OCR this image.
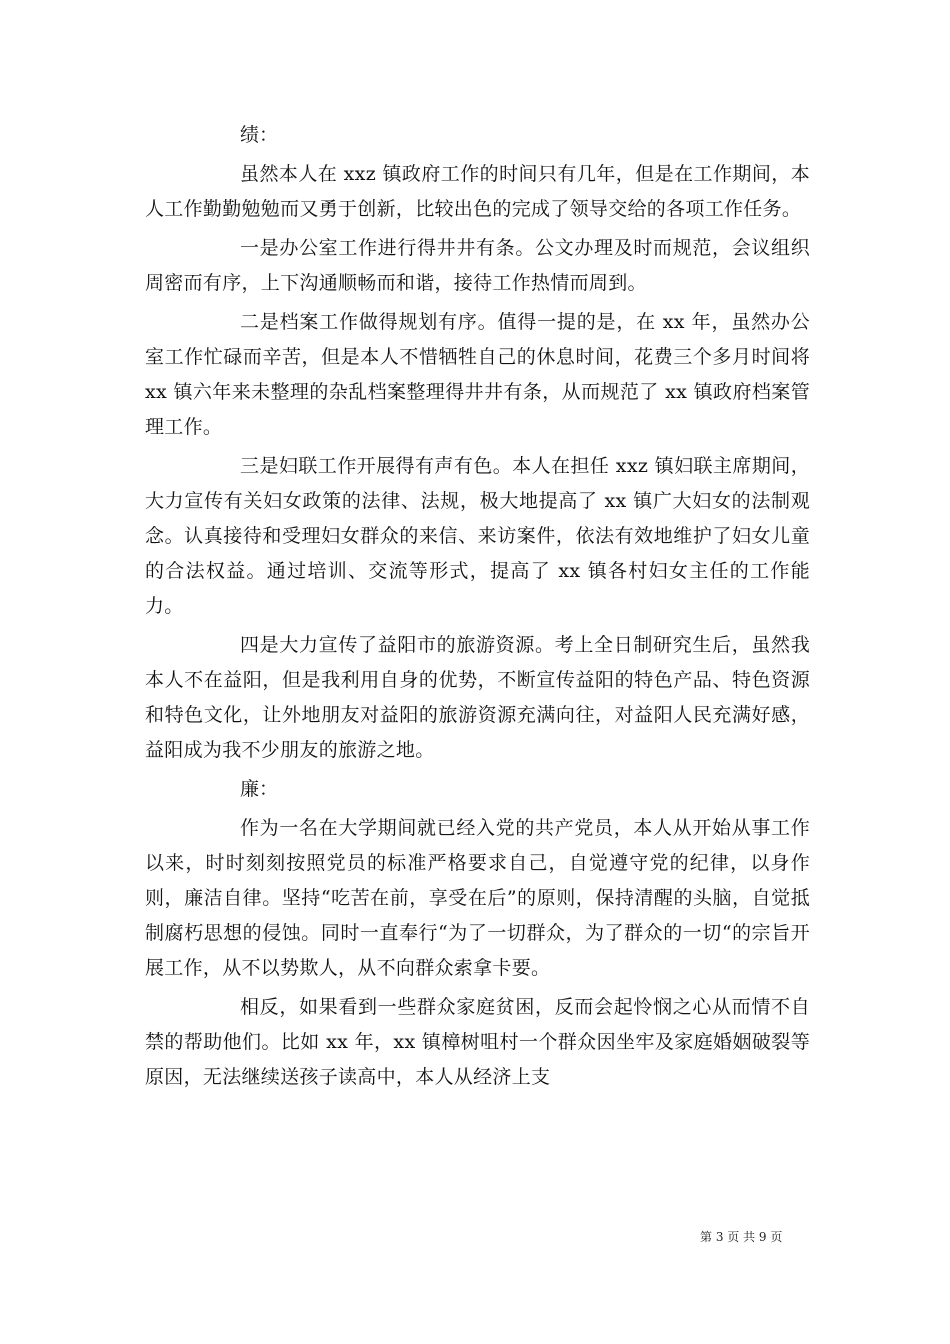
绩：

虽然本人在 xxz 镇政府工作的时间只有几年，但是在工作期间，本人工作勤勤勉勉而又勇于创新，比较出色的完成了领导交给的各项工作任务。

一是办公室工作进行得井井有条。公文办理及时而规范，会议组织周密而有序，上下沟通顺畅而和谐，接待工作热情而周到。

二是档案工作做得规划有序。值得一提的是，在 xx 年，虽然办公室工作忙碌而辛苦，但是本人不惜牺牲自己的休息时间，花费三个多月时间将 xx 镇六年来未整理的杂乱档案整理得井井有条，从而规范了 xx 镇政府档案管理工作。

三是妇联工作开展得有声有色。本人在担任 xxz 镇妇联主席期间，大力宣传有关妇女政策的法律、法规，极大地提高了 xx 镇广大妇女的法制观念。认真接待和受理妇女群众的来信、来访案件，依法有效地维护了妇女儿童的合法权益。通过培训、交流等形式，提高了 xx 镇各村妇女主任的工作能力。

四是大力宣传了益阳市的旅游资源。考上全日制研究生后，虽然我本人不在益阳，但是我利用自身的优势，不断宣传益阳的特色产品、特色资源和特色文化，让外地朋友对益阳的旅游资源充满向往，对益阳人民充满好感，益阳成为我不少朋友的旅游之地。

廉：

作为一名在大学期间就已经入党的共产党员，本人从开始从事工作以来，时时刻刻按照党员的标准严格要求自己，自觉遵守党的纪律，以身作则，廉洁自律。坚持“吃苦在前，享受在后”的原则，保持清醒的头脑，自觉抵制腐朽思想的侵蚀。同时一直奉行“为了一切群众，为了群众的一切“的宗旨开展工作，从不以势欺人，从不向群众索拿卡要。

相反，如果看到一些群众家庭贫困，反而会起怜悯之心从而情不自禁的帮助他们。比如 xx 年，xx 镇樟树咀村一个群众因坐牢及家庭婚姻破裂等原因，无法继续送孩子读高中，本人从经济上支

第 3 页 共 9 页
